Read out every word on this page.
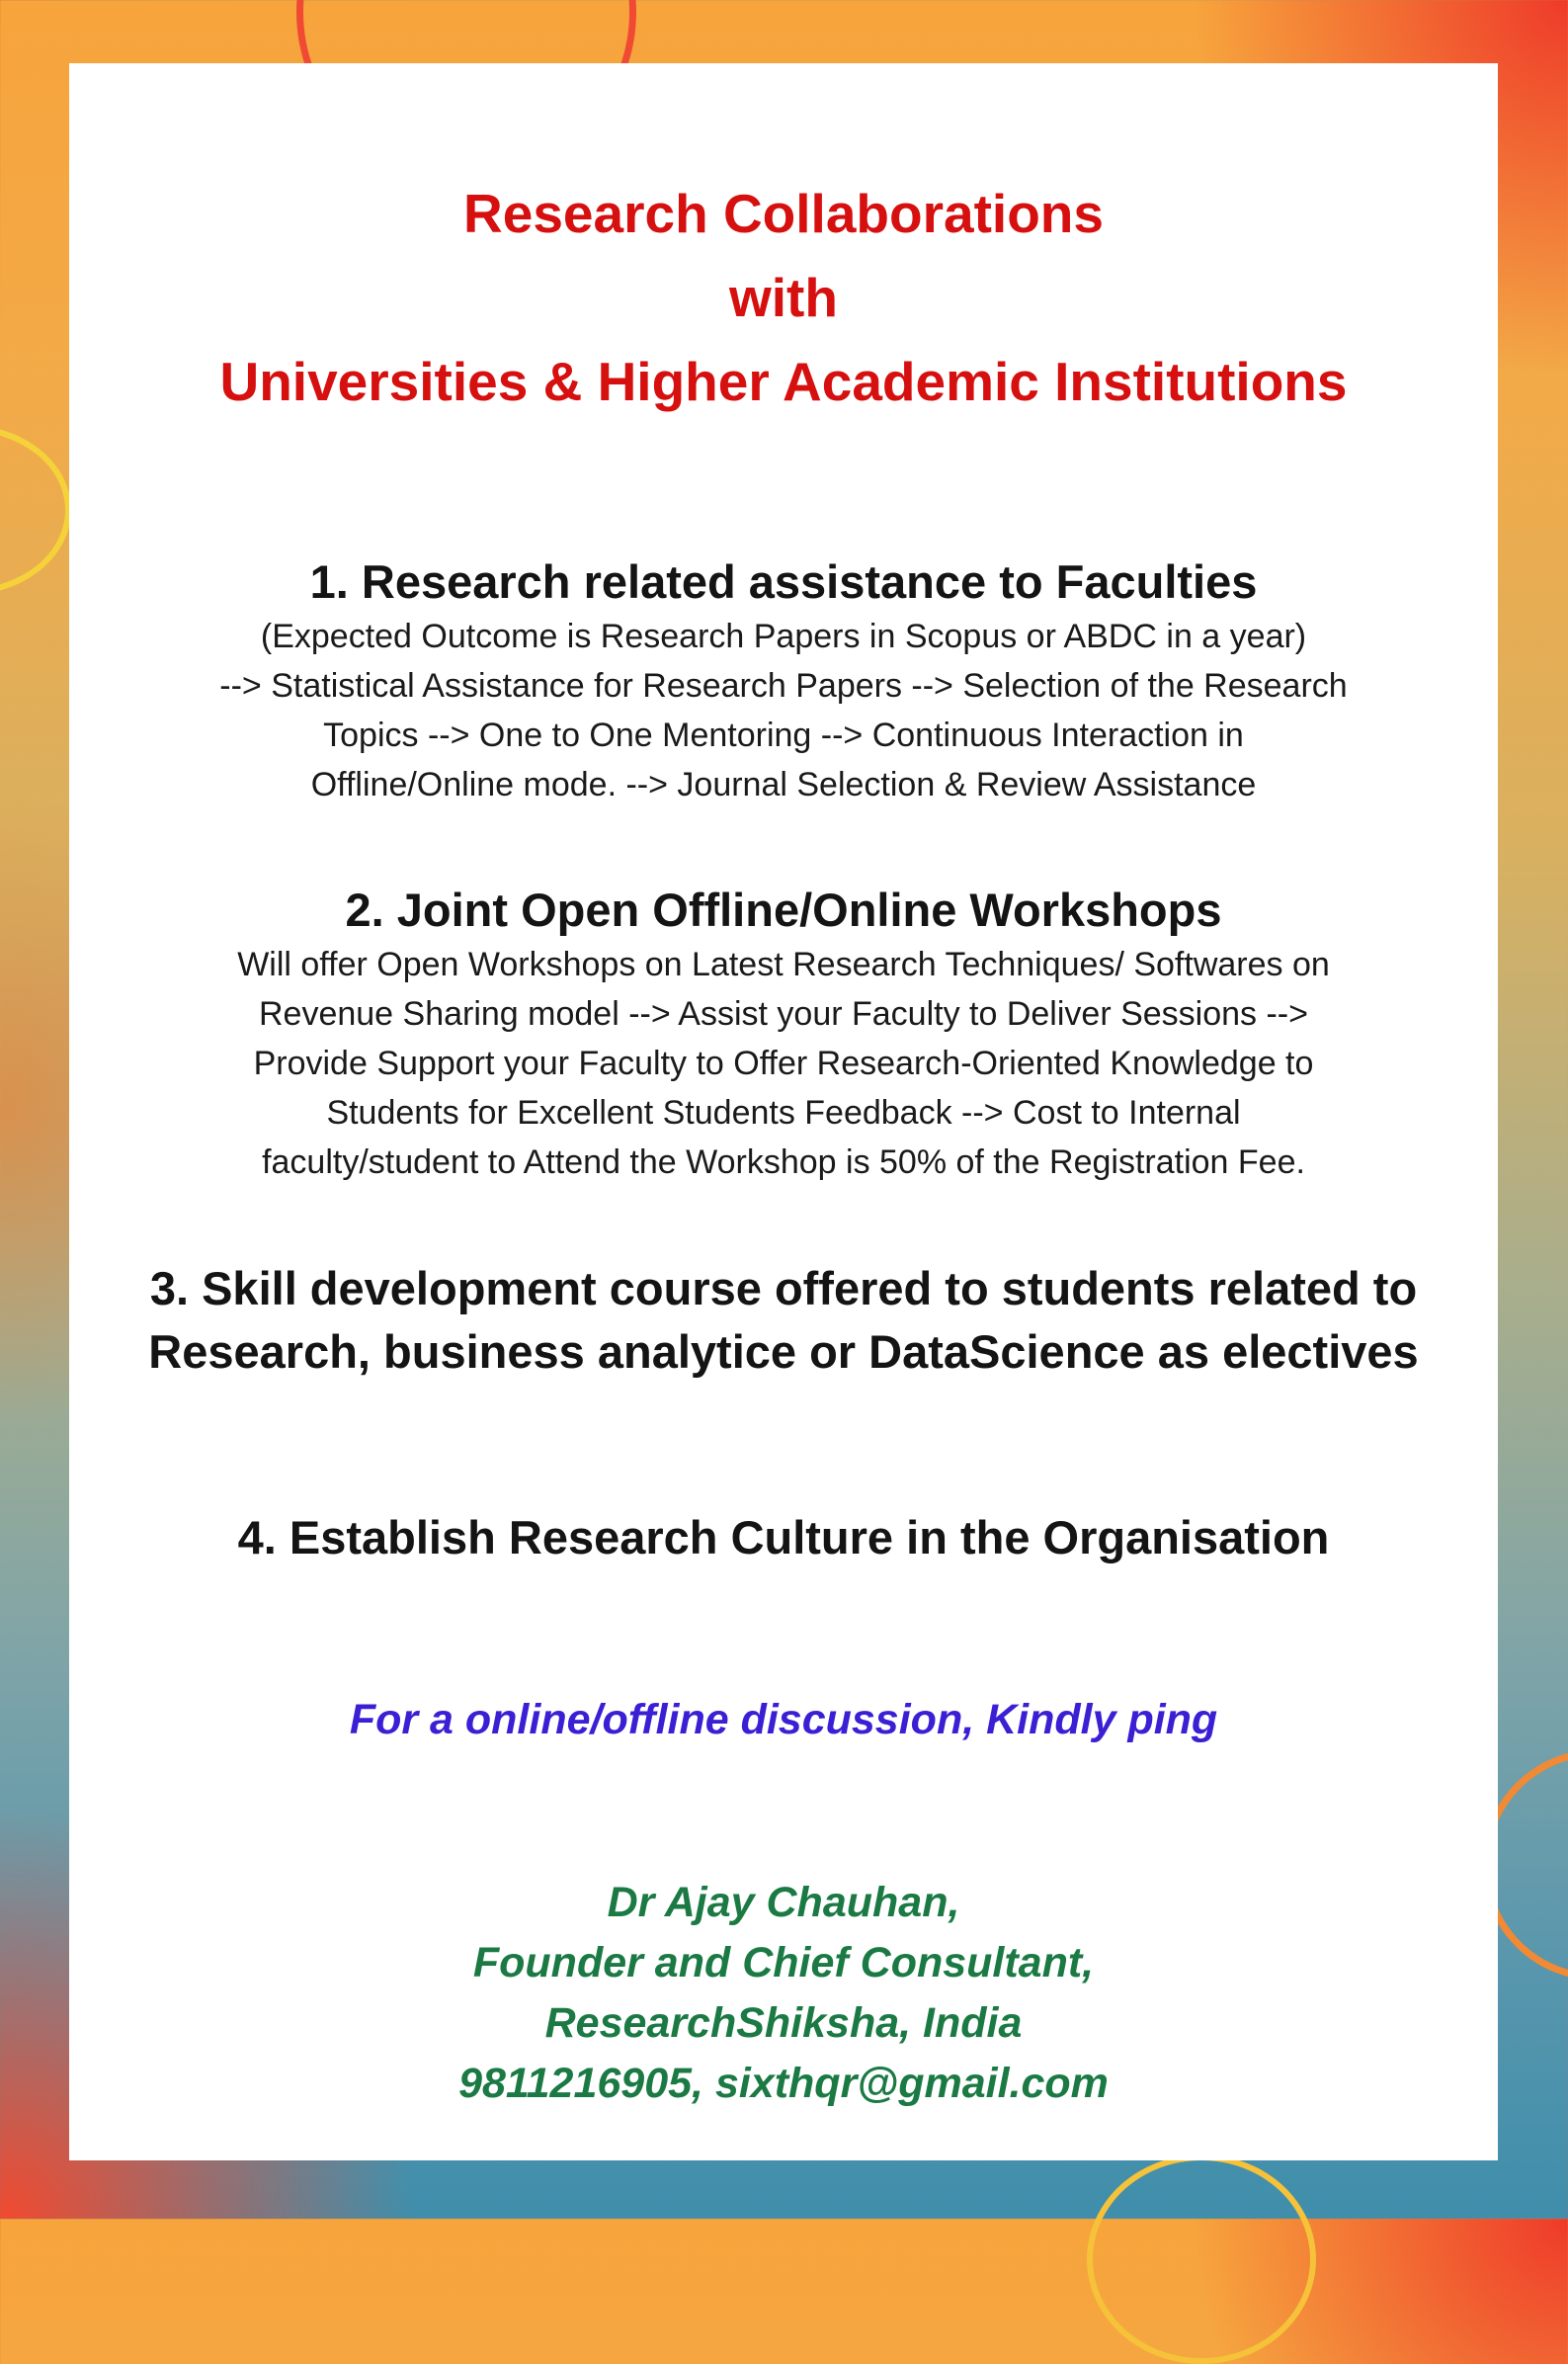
Research Collaborations
with
Universities & Higher Academic Institutions
1. Research related assistance to Faculties
(Expected Outcome is Research Papers in Scopus or ABDC in a year)
--> Statistical Assistance for Research Papers --> Selection of the Research
Topics --> One to One Mentoring --> Continuous Interaction in
Offline/Online mode. --> Journal Selection & Review Assistance
2. Joint Open Offline/Online Workshops
Will offer Open Workshops on Latest Research Techniques/ Softwares on
Revenue Sharing model --> Assist your Faculty to Deliver Sessions -->
Provide Support your Faculty to Offer Research-Oriented Knowledge to
Students for Excellent Students Feedback --> Cost to Internal
faculty/student to Attend the Workshop is 50% of the Registration Fee.
3. Skill development course offered to students related to
Research, business analytice or DataScience as electives
4. Establish Research Culture in the Organisation

For a online/offline discussion, Kindly ping

Dr Ajay Chauhan,
Founder and Chief Consultant,
ResearchShiksha, India
9811216905, sixthqr@gmail.com
